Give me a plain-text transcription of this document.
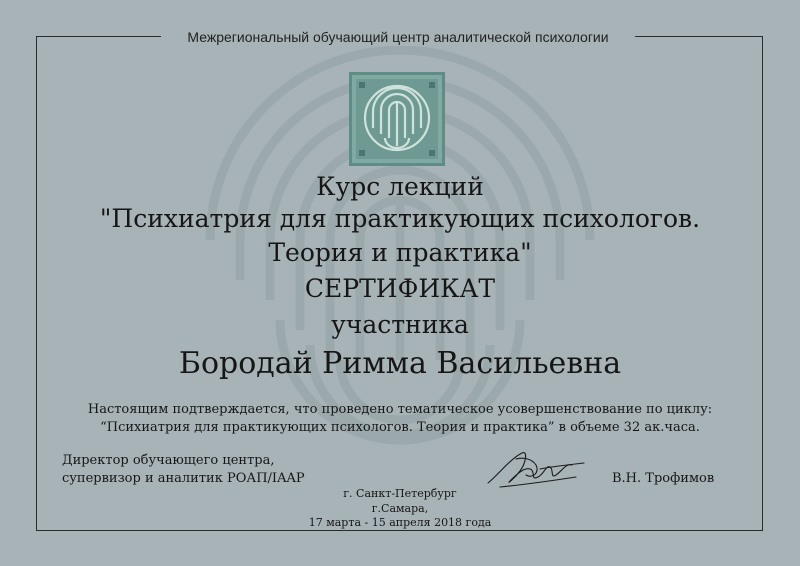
Межрегиональный обучающий центр аналитической психологии
Курс лекций
"Психиатрия для практикующих психологов.
Теория и практика"
СЕРТИФИКАТ
участника
Бородай Римма Васильевна
Настоящим подтверждается, что проведено тематическое усовершенствование по циклу:
“Психиатрия для практикующих психологов. Теория и практика” в объеме 32 ак.часа.
Директор обучающего центра,
супервизор и аналитик РОАП/IAAP	В.Н. Трофимов
г. Санкт-Петербург
г.Самара,
17 марта - 15 апреля 2018 года
